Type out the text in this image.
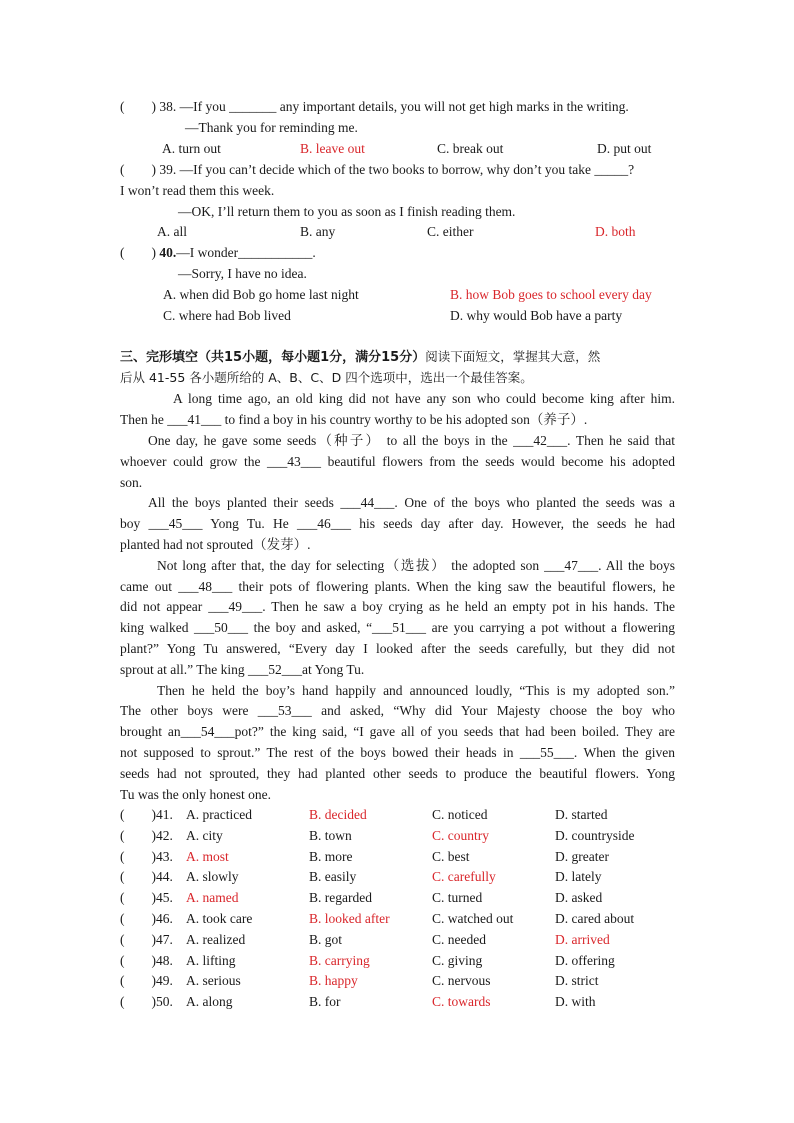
(        ) 38. —If you _______ any important details, you will not get high marks in the writing.
—Thank you for reminding me.
A. turn out	B. leave out	C. break out	D. put out
(        ) 39. —If you can’t decide which of the two books to borrow, why don’t you take _____?
I won’t read them this week.
—OK, I’ll return them to you as soon as I finish reading them.
A. all	B. any	C. either	D. both
(        ) 40.—I wonder___________.
—Sorry, I have no idea.
A. when did Bob go home last night	B. how Bob goes to school every day
C. where had Bob lived	D. why would Bob have a party
三、完形填空（共15小题，每小题1分，满分15分）阅读下面短文，掌握其大意，然
后从 41-55 各小题所给的 A、B、C、D 四个选项中，选出一个最佳答案。
A long time ago, an old king did not have any son who could become king after him.
Then he ___41___ to find a boy in his country worthy to be his adopted son（养子）.
One day, he gave some seeds（种子） to all the boys in the ___42___. Then he said that
whoever could grow the ___43___ beautiful flowers from the seeds would become his adopted
son.
All the boys planted their seeds ___44___. One of the boys who planted the seeds was a
boy ___45___ Yong Tu. He ___46___ his seeds day after day. However, the seeds he had
planted had not sprouted（发芽）.
Not long after that, the day for selecting（选拔） the adopted son ___47___. All the boys
came out ___48___ their pots of flowering plants. When the king saw the beautiful flowers, he
did not appear ___49___. Then he saw a boy crying as he held an empty pot in his hands. The
king walked ___50___ the boy and asked, “___51___ are you carrying a pot without a flowering
plant?” Yong Tu answered, “Every day I looked after the seeds carefully, but they did not
sprout at all.” The king ___52___at Yong Tu.
Then he held the boy’s hand happily and announced loudly, “This is my adopted son.”
The other boys were ___53___ and asked, “Why did Your Majesty choose the boy who
brought an___54___pot?” the king said, “I gave all of you seeds that had been boiled. They are
not supposed to sprout.” The rest of the boys bowed their heads in ___55___. When the given
seeds had not sprouted, they had planted other seeds to produce the beautiful flowers. Yong
Tu was the only honest one.
(        )41. A. practiced	B. decided	C. noticed	D. started
(        )42. A. city	B. town	C. country	D. countryside
(        )43. A. most	B. more	C. best	D. greater
(        )44. A. slowly	B. easily	C. carefully	D. lately
(        )45. A. named	B. regarded	C. turned	D. asked
(        )46. A. took care	B. looked after	C. watched out	D. cared about
(        )47. A. realized	B. got	C. needed	D. arrived
(        )48. A. lifting	B. carrying	C. giving	D. offering
(        )49. A. serious	B. happy	C. nervous	D. strict
(        )50. A. along	B. for	C. towards	D. with
